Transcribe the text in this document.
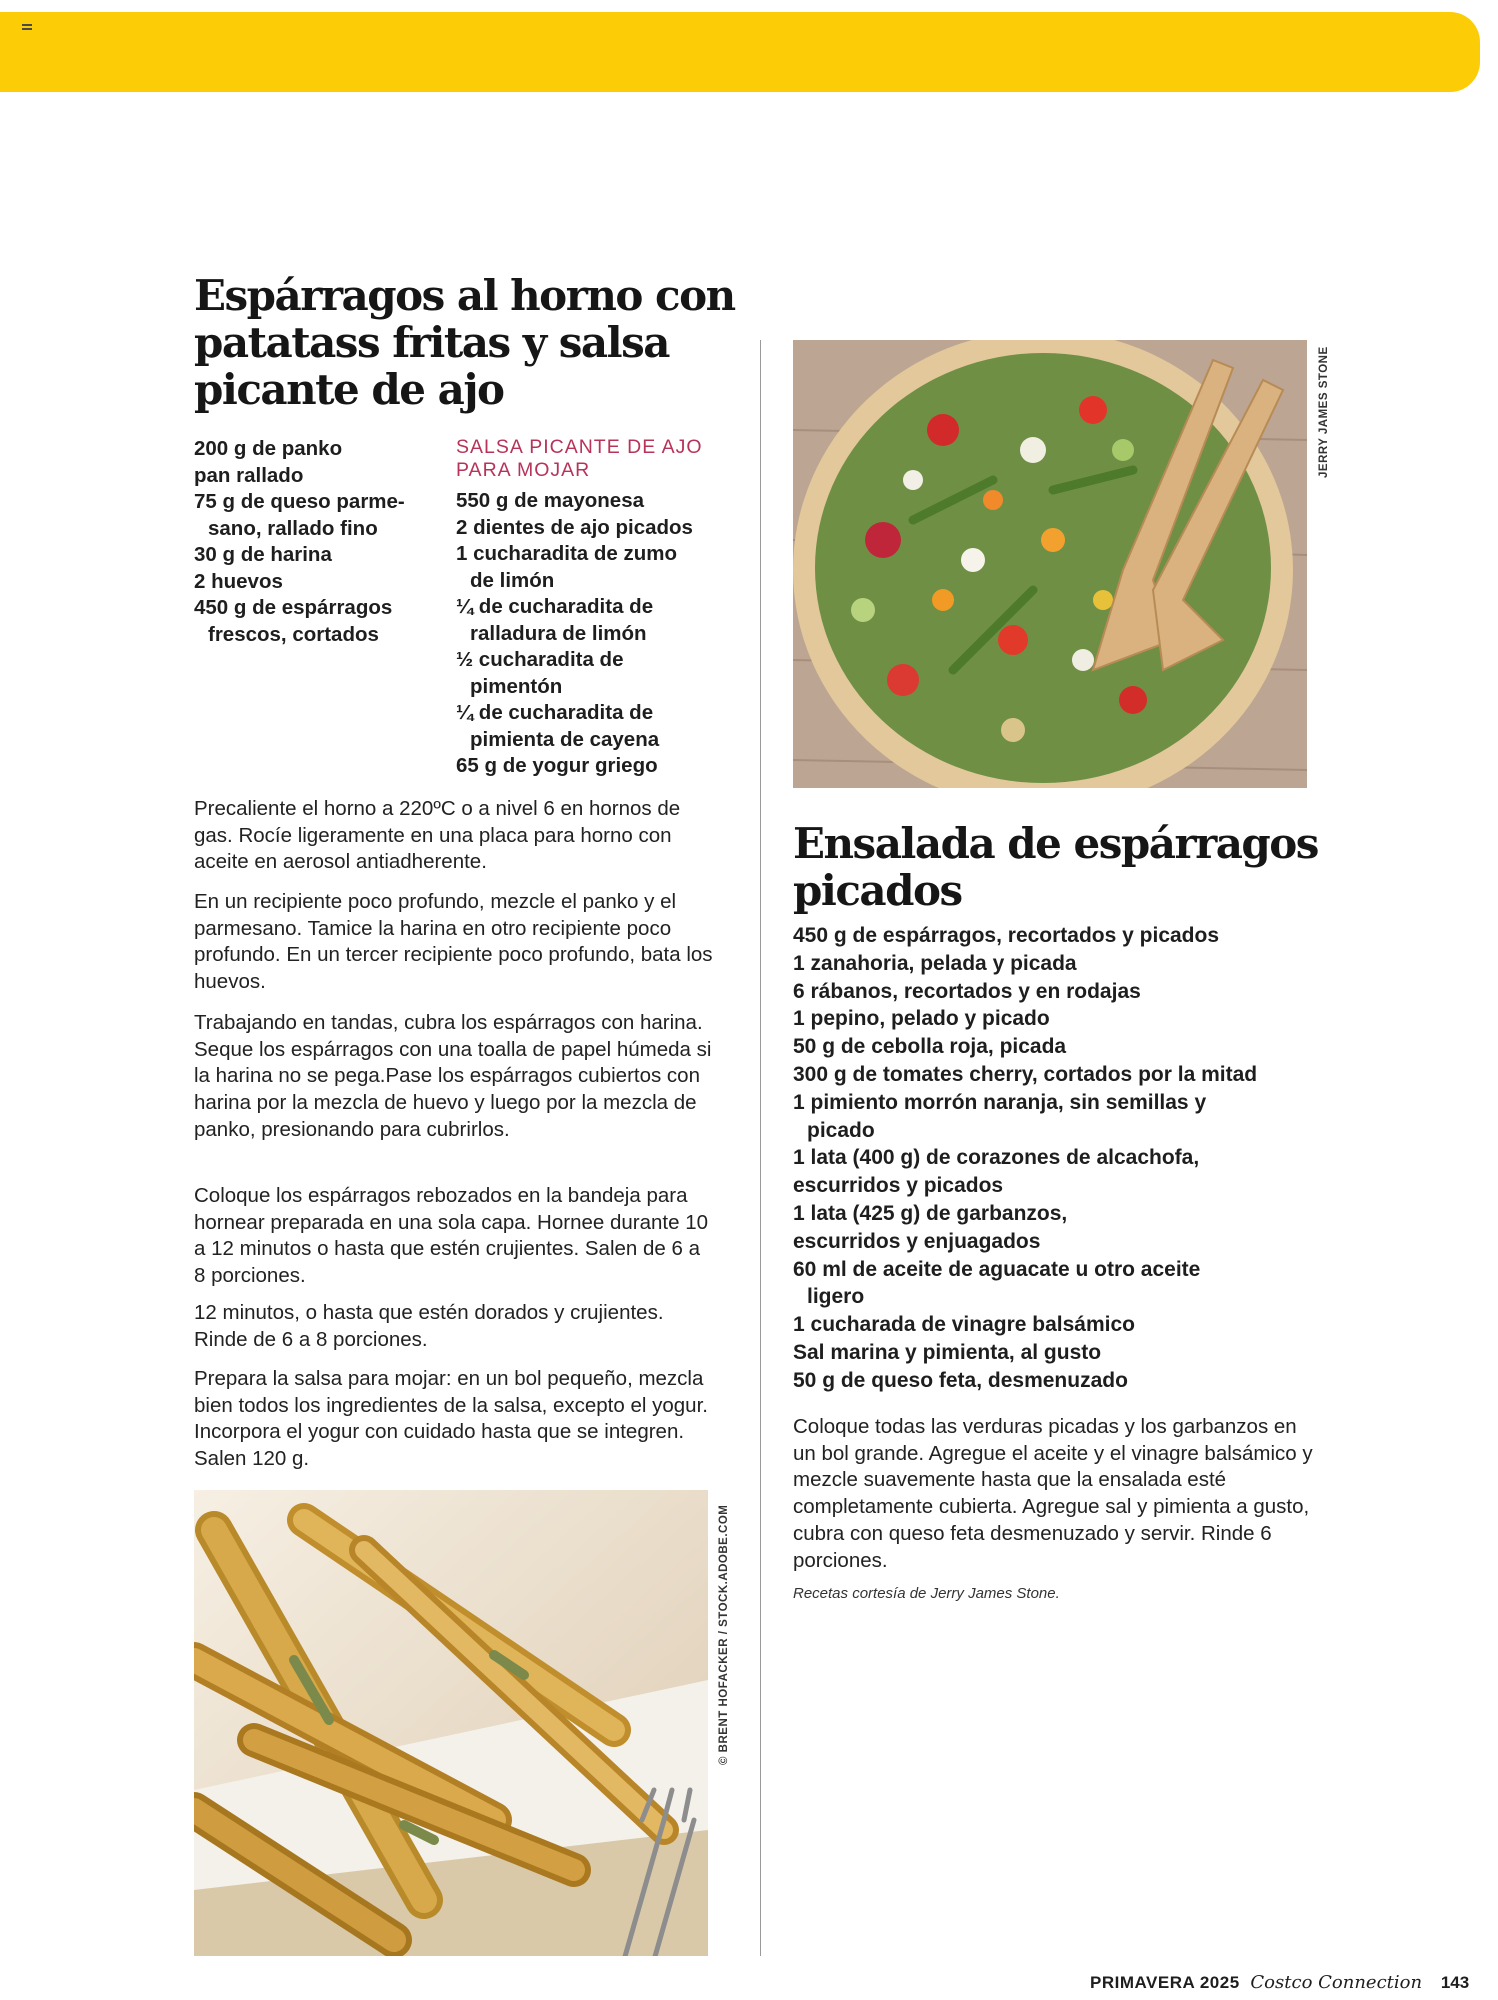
Espárragos al horno con patatass fritas y salsa picante de ajo
200 g de panko
pan rallado
75 g de queso parme-
sano, rallado fino
30 g de harina
2 huevos
450 g de espárragos
frescos, cortados
SALSA PICANTE DE AJO PARA MOJAR
550 g de mayonesa
2 dientes de ajo picados
1 cucharadita de zumo
de limón
¼ de cucharadita de
ralladura de limón
½ cucharadita de
pimentón
¼ de cucharadita de
pimienta de cayena
65 g de yogur griego

Precaliente el horno a 220ºC o a nivel 6 en hornos de gas. Rocíe ligeramente en una placa para horno con aceite en aerosol antiadherente.

En un recipiente poco profundo, mezcle el panko y el parmesano. Tamice la harina en otro recipiente poco profundo. En un tercer recipiente poco profundo, bata los huevos.

Trabajando en tandas, cubra los espárragos con harina. Seque los espárragos con una toalla de papel húmeda si la harina no se pega.Pase los espárragos cubiertos con harina por la mezcla de huevo y luego por la mezcla de panko, presionando para cubrirlos.

Coloque los espárragos rebozados en la bandeja para hornear preparada en una sola capa. Hornee durante 10 a 12 minutos o hasta que estén crujientes. Salen de 6 a 8 porciones.

12 minutos, o hasta que estén dorados y crujientes. Rinde de 6 a 8 porciones.

Prepara la salsa para mojar: en un bol pequeño, mezcla bien todos los ingredientes de la salsa, excepto el yogur. Incorpora el yogur con cuidado hasta que se integren. Salen 120 g.

© BRENT HOFACKER / STOCK.ADOBE.COM
JERRY JAMES STONE
Ensalada de espárragos picados
450 g de espárragos, recortados y picados
1 zanahoria, pelada y picada
6 rábanos, recortados y en rodajas
1 pepino, pelado y picado
50 g de cebolla roja, picada
300 g de tomates cherry, cortados por la mitad
1 pimiento morrón naranja, sin semillas y
picado
1 lata (400 g) de corazones de alcachofa,
escurridos y picados
1 lata (425 g) de garbanzos,
escurridos y enjuagados
60 ml de aceite de aguacate u otro aceite
ligero
1 cucharada de vinagre balsámico
Sal marina y pimienta, al gusto
50 g de queso feta, desmenuzado

Coloque todas las verduras picadas y los garbanzos en un bol grande. Agregue el aceite y el vinagre balsámico y mezcle suavemente hasta que la ensalada esté completamente cubierta. Agregue sal y pimienta a gusto, cubra con queso feta desmenuzado y servir. Rinde 6 porciones.

Recetas cortesía de Jerry James Stone.

PRIMAVERA 2025 Costco Connection 143
